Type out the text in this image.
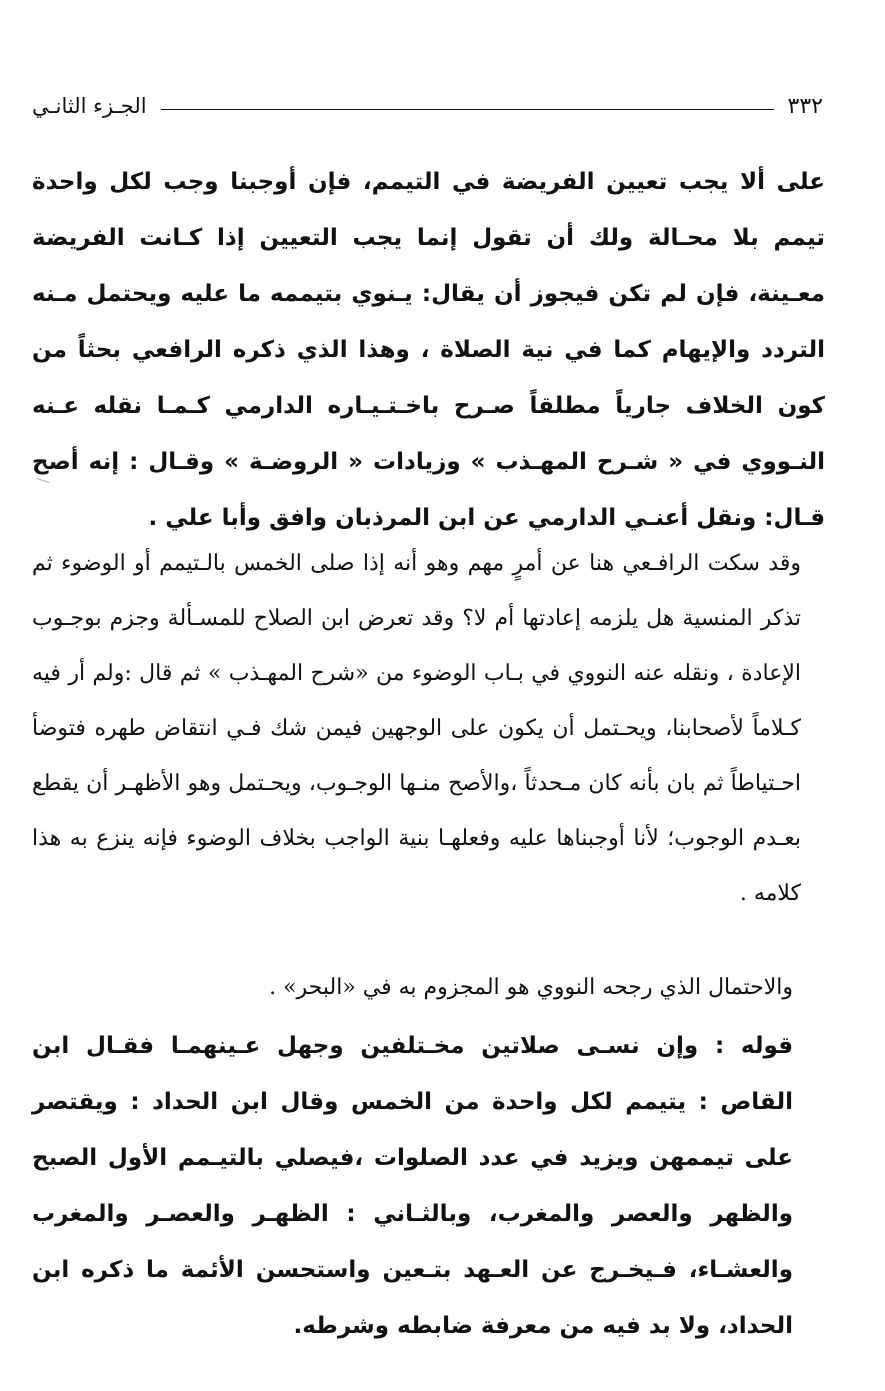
٣٣٢
الجـزء الثانـي

على ألا يجب تعيين الفريضة في التيمم، فإن أوجبنا وجب لكل واحدة تيمم بلا محـالة ولك أن تقول إنما يجب التعيين إذا كـانت الفريضة معـينة، فإن لم تكن فيجوز أن يقال: يـنوي بتيممه ما عليه ويحتمل مـنه التردد والإيهام كما في نية الصلاة ، وهذا الذي ذكره الرافعي بحثاً من كون الخلاف جارياً مطلقاً صـرح باخـتـيـاره الدارمي كـمـا نقله عـنه النـووي في « شـرح المهـذب » وزيادات « الروضـة » وقـال : إنه أصح قـال: ونقل أعنـي الدارمي عن ابن المرذبان وافق وأبا علي .

وقد سكت الرافـعي هنا عن أمرٍ مهم وهو أنه إذا صلى الخمس بالـتيمم أو الوضوء ثم تذكر المنسية هل يلزمه إعادتها أم لا؟ وقد تعرض ابن الصلاح للمسـألة وجزم بوجـوب الإعادة ، ونقله عنه النووي في بـاب الوضوء من «شرح المهـذب » ثم قال :ولم أر فيه كـلاماً لأصحابنا، ويحـتمل أن يكون على الوجهين فيمن شك فـي انتقاض طهره فتوضأ احـتياطاً ثم بان بأنه كان مـحدثاً ،والأصح منـها الوجـوب، ويحـتمل وهو الأظهـر أن يقطع بعـدم الوجوب؛ لأنا أوجبناها عليه وفعلهـا بنية الواجب بخلاف الوضوء فإنه ينزع به هذا كلامه .

والاحتمال الذي رجحه النووي هو المجزوم به في «البحر» .

قوله : وإن نسـى صلاتين مخـتلفين وجهل عـينهمـا فقـال ابن القاص : يتيمم لكل واحدة من الخمس وقال ابن الحداد : ويقتصر على تيممهن ويزيد في عدد الصلوات ،فيصلي بالتيـمم الأول الصبح والظهر والعصر والمغرب، وبالثـاني : الظهـر والعصـر والمغرب والعشـاء، فـيخـرج عن العـهد بتـعين واستحسن الأئمة ما ذكره ابن الحداد، ولا بد فيه من معرفة ضابطه وشرطه.
